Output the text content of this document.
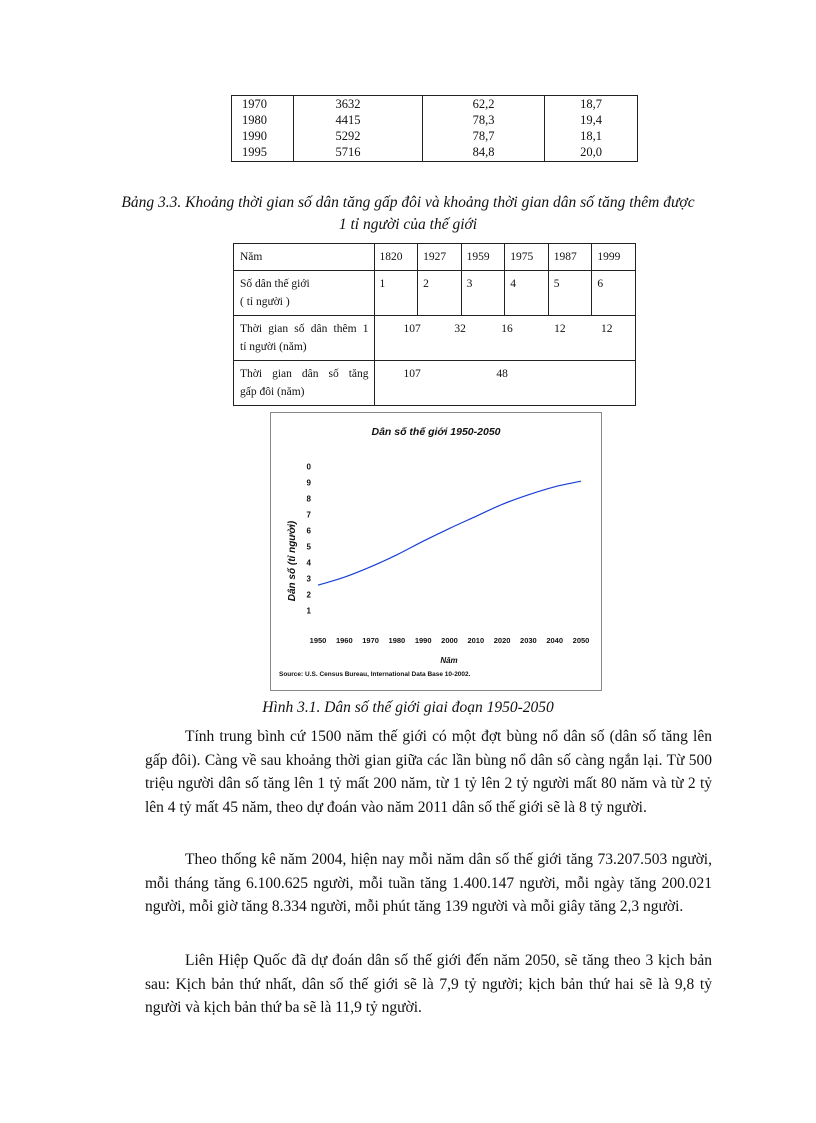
1970	3632	62,2	18,7
1980	4415	78,3	19,4
1990	5292	78,7	18,1
1995	5716	84,8	20,0
Bảng 3.3. Khoảng thời gian số dân tăng gấp đôi và khoảng thời gian dân số tăng thêm được 1 tỉ người của thế giới
Năm	1820	1927	1959	1975	1987	1999

Số dân thế giới
( tỉ người )	1	2	3	4	5	6

Thời gian số dân thêm 1
tỉ người (năm)	107 32 16 12 12					

Thời gian dân số tăng
gấp đôi (năm)	107 48					
Dân số thế giới 1950-2050
1
2
3
4
5
6
7
8
9
0
1950 1960 1970 1980 1990 2000 2010 2020 2030 2040 2050
Dân số (tỉ người)
Năm
Source: U.S. Census Bureau, International Data Base 10-2002.
Hình 3.1. Dân số thế giới giai đoạn 1950-2050
Tính trung bình cứ 1500 năm thế giới có một đợt bùng nổ dân số (dân số tăng lên gấp đôi). Càng về sau khoảng thời gian giữa các lần bùng nổ dân số càng ngắn lại. Từ 500 triệu người dân số tăng lên 1 tỷ mất 200 năm, từ 1 tỷ lên 2 tỷ người mất 80 năm và từ 2 tỷ lên 4 tỷ mất 45 năm, theo dự đoán vào năm 2011 dân số thế giới sẽ là 8 tỷ người.
Theo thống kê năm 2004, hiện nay mỗi năm dân số thế giới tăng 73.207.503 người, mỗi tháng tăng 6.100.625 người, mỗi tuần tăng 1.400.147 người, mỗi ngày tăng 200.021 người, mỗi giờ tăng 8.334 người, mỗi phút tăng 139 người và mỗi giây tăng 2,3 người.
Liên Hiệp Quốc đã dự đoán dân số thế giới đến năm 2050, sẽ tăng theo 3 kịch bản sau: Kịch bản thứ nhất, dân số thế giới sẽ là 7,9 tỷ người; kịch bản thứ hai sẽ là 9,8 tỷ người và kịch bản thứ ba sẽ là 11,9 tỷ người.
